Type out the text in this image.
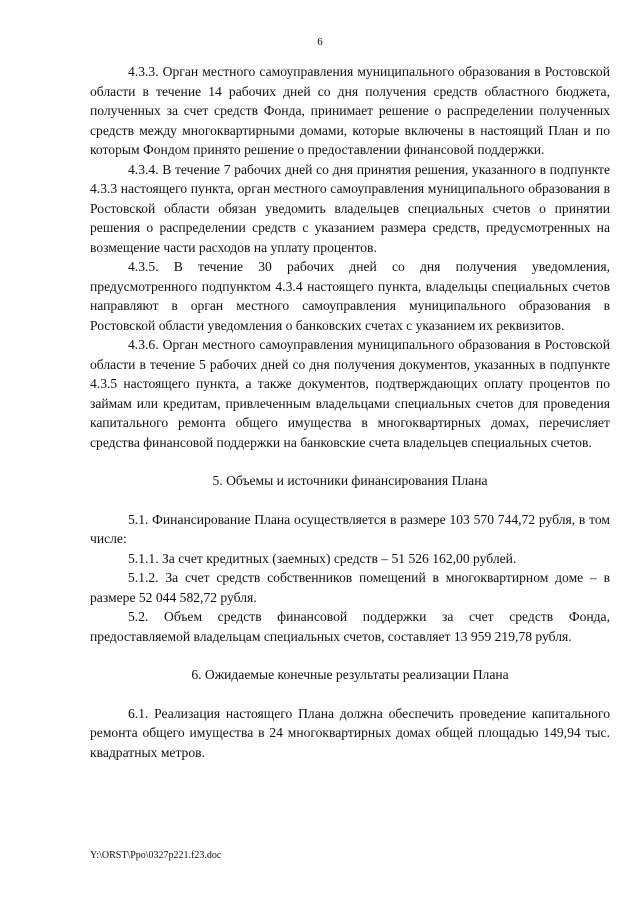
6

4.3.3. Орган местного самоуправления муниципального образования в Ростовской области в течение 14 рабочих дней со дня получения средств областного бюджета, полученных за счет средств Фонда, принимает решение о распределении полученных средств между многоквартирными домами, которые включены в настоящий План и по которым Фондом принято решение о предоставлении финансовой поддержки.

4.3.4. В течение 7 рабочих дней со дня принятия решения, указанного в подпункте 4.3.3 настоящего пункта, орган местного самоуправления муниципального образования в Ростовской области обязан уведомить владельцев специальных счетов о принятии решения о распределении средств с указанием размера средств, предусмотренных на возмещение части расходов на уплату процентов.

4.3.5. В течение 30 рабочих дней со дня получения уведомления, предусмотренного подпунктом 4.3.4 настоящего пункта, владельцы специальных счетов направляют в орган местного самоуправления муниципального образования в Ростовской области уведомления о банковских счетах с указанием их реквизитов.

4.3.6. Орган местного самоуправления муниципального образования в Ростовской области в течение 5 рабочих дней со дня получения документов, указанных в подпункте 4.3.5 настоящего пункта, а также документов, подтверждающих оплату процентов по займам или кредитам, привлеченным владельцами специальных счетов для проведения капитального ремонта общего имущества в многоквартирных домах, перечисляет средства финансовой поддержки на банковские счета владельцев специальных счетов.

5. Объемы и источники финансирования Плана

5.1. Финансирование Плана осуществляется в размере 103 570 744,72 рубля, в том числе:

5.1.1. За счет кредитных (заемных) средств – 51 526 162,00 рублей.

5.1.2. За счет средств собственников помещений в многоквартирном доме – в размере 52 044 582,72 рубля.

5.2. Объем средств финансовой поддержки за счет средств Фонда, предоставляемой владельцам специальных счетов, составляет 13 959 219,78 рубля.

6. Ожидаемые конечные результаты реализации Плана

6.1. Реализация настоящего Плана должна обеспечить проведение капитального ремонта общего имущества в 24 многоквартирных домах общей площадью 149,94 тыс. квадратных метров.

Y:\ORST\Ppo\0327p221.f23.doc
